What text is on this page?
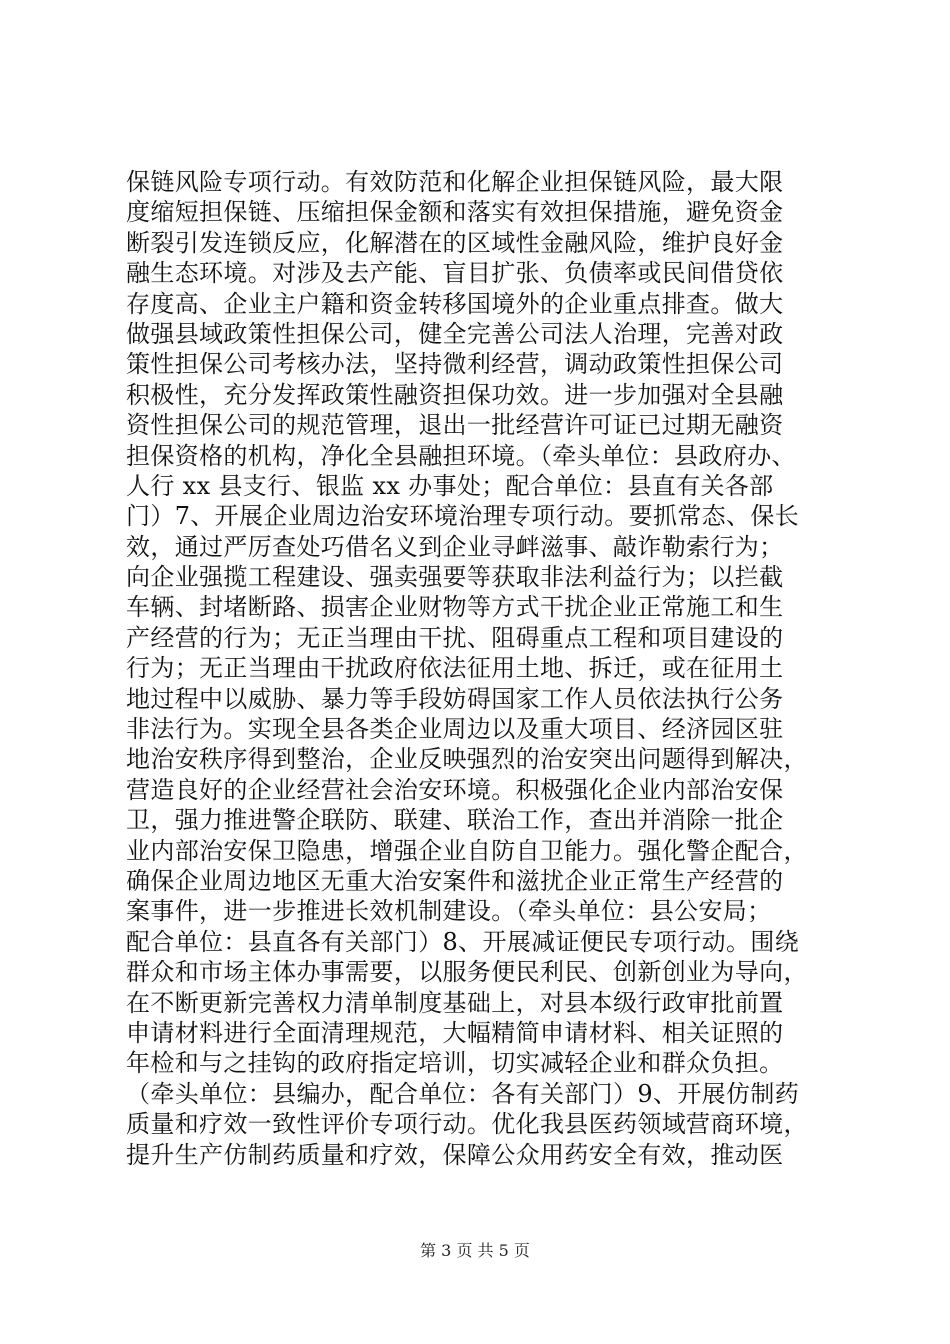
保链风险专项行动。有效防范和化解企业担保链风险，最大限
度缩短担保链、压缩担保金额和落实有效担保措施，避免资金
断裂引发连锁反应，化解潜在的区域性金融风险，维护良好金
融生态环境。对涉及去产能、盲目扩张、负债率或民间借贷依
存度高、企业主户籍和资金转移国境外的企业重点排查。做大
做强县域政策性担保公司，健全完善公司法人治理，完善对政
策性担保公司考核办法，坚持微利经营，调动政策性担保公司
积极性，充分发挥政策性融资担保功效。进一步加强对全县融
资性担保公司的规范管理，退出一批经营许可证已过期无融资
担保资格的机构，净化全县融担环境。（牵头单位：县政府办、
人行 xx 县支行、银监 xx 办事处；配合单位：县直有关各部
门）7、开展企业周边治安环境治理专项行动。要抓常态、保长
效，通过严厉查处巧借名义到企业寻衅滋事、敲诈勒索行为；
向企业强揽工程建设、强卖强要等获取非法利益行为；以拦截
车辆、封堵断路、损害企业财物等方式干扰企业正常施工和生
产经营的行为；无正当理由干扰、阻碍重点工程和项目建设的
行为；无正当理由干扰政府依法征用土地、拆迁，或在征用土
地过程中以威胁、暴力等手段妨碍国家工作人员依法执行公务
非法行为。实现全县各类企业周边以及重大项目、经济园区驻
地治安秩序得到整治，企业反映强烈的治安突出问题得到解决，
营造良好的企业经营社会治安环境。积极强化企业内部治安保
卫，强力推进警企联防、联建、联治工作，查出并消除一批企
业内部治安保卫隐患，增强企业自防自卫能力。强化警企配合，
确保企业周边地区无重大治安案件和滋扰企业正常生产经营的
案事件，进一步推进长效机制建设。（牵头单位：县公安局；
配合单位：县直各有关部门）8、开展减证便民专项行动。围绕
群众和市场主体办事需要，以服务便民利民、创新创业为导向，
在不断更新完善权力清单制度基础上，对县本级行政审批前置
申请材料进行全面清理规范，大幅精简申请材料、相关证照的
年检和与之挂钩的政府指定培训，切实减轻企业和群众负担。
（牵头单位：县编办，配合单位：各有关部门）9、开展仿制药
质量和疗效一致性评价专项行动。优化我县医药领域营商环境，
提升生产仿制药质量和疗效，保障公众用药安全有效，推动医
第 3 页 共 5 页
